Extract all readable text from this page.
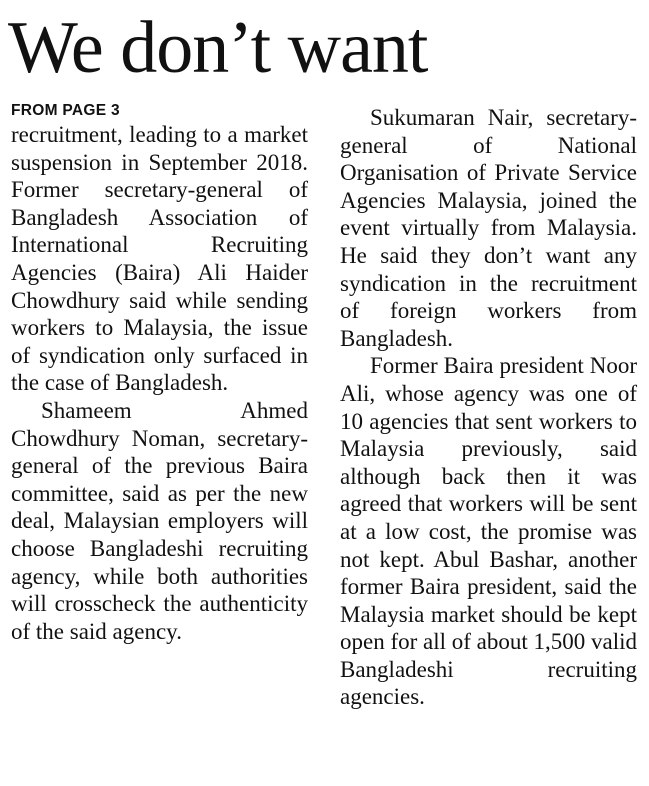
We don’t want

FROM PAGE 3

recruitment, leading to a market suspension in September 2018. Former secretary-general of Bangladesh Association of International Recruiting Agencies (Baira) Ali Haider Chowdhury said while sending workers to Malaysia, the issue of syndication only surfaced in the case of Bangladesh.

Shameem Ahmed Chowdhury Noman, secretary-general of the previous Baira committee, said as per the new deal, Malaysian employers will choose Bangladeshi recruiting agency, while both authorities will crosscheck the authenticity of the said agency.

Sukumaran Nair, secretary-general of National Organisation of Private Service Agencies Malaysia, joined the event virtually from Malaysia. He said they don’t want any syndication in the recruitment of foreign workers from Bangladesh.

Former Baira president Noor Ali, whose agency was one of 10 agencies that sent workers to Malaysia previously, said although back then it was agreed that workers will be sent at a low cost, the promise was not kept. Abul Bashar, another former Baira president, said the Malaysia market should be kept open for all of about 1,500 valid Bangladeshi recruiting agencies.
